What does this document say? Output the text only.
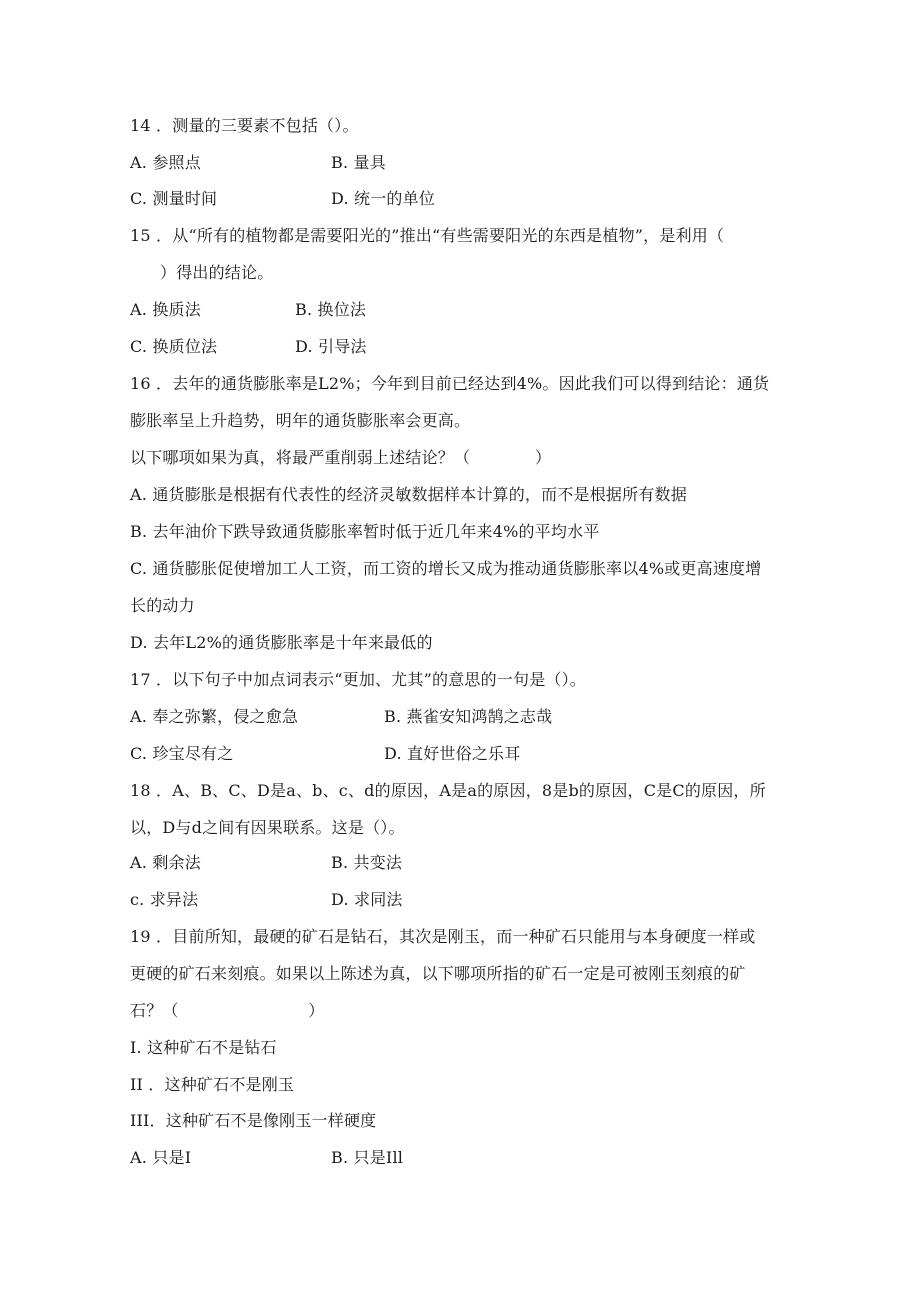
14 ．测量的三要素不包括（）。
A. 参照点	B. 量具
C. 测量时间	D. 统一的单位
15 ．从“所有的植物都是需要阳光的”推出“有些需要阳光的东西是植物”，是利用（
）得出的结论。
A. 换质法	B. 换位法
C. 换质位法	D. 引导法
16 ．去年的通货膨胀率是L2%；今年到目前已经达到4%。因此我们可以得到结论：通货
膨胀率呈上升趋势，明年的通货膨胀率会更高。
以下哪项如果为真，将最严重削弱上述结论？（　　　　）
A. 通货膨胀是根据有代表性的经济灵敏数据样本计算的，而不是根据所有数据
B. 去年油价下跌导致通货膨胀率暂时低于近几年来4%的平均水平
C. 通货膨胀促使增加工人工资，而工资的增长又成为推动通货膨胀率以4%或更高速度增
长的动力
D. 去年L2%的通货膨胀率是十年来最低的
17 ．以下句子中加点词表示“更加、尤其”的意思的一句是（）。
A. 奉之弥繁，侵之愈急	B. 燕雀安知鸿鹄之志哉
C. 珍宝尽有之	D. 直好世俗之乐耳
18 ．A、B、C、D是a、b、c、d的原因，A是a的原因，8是b的原因，C是C的原因，所
以，D与d之间有因果联系。这是（）。
A. 剩余法	B. 共变法
c. 求异法	D. 求同法
19 ．目前所知，最硬的矿石是钻石，其次是刚玉，而一种矿石只能用与本身硬度一样或
更硬的矿石来刻痕。如果以上陈述为真，以下哪项所指的矿石一定是可被刚玉刻痕的矿
石？（　　　　　　　　）
I. 这种矿石不是钻石
II ．这种矿石不是刚玉
III．这种矿石不是像刚玉一样硬度
A. 只是I	B. 只是Ill
